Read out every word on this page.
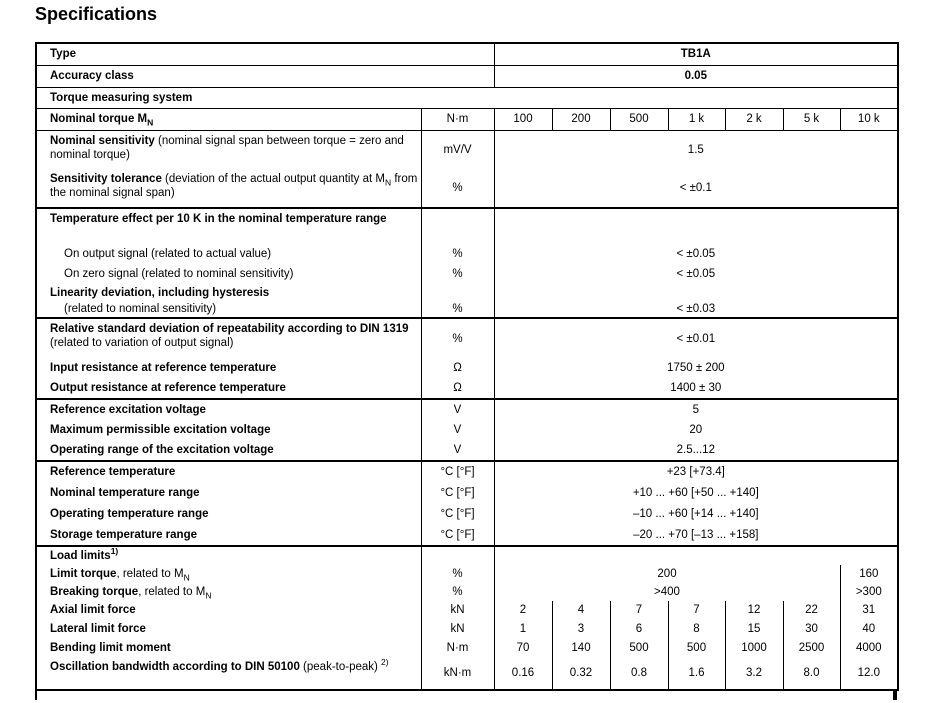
Specifications
Type		TB1A						
Accuracy class		0.05						
Torque measuring system								
Nominal torque $M_N$	N·m	100	200	500	1 k	2 k	5 k	10 k
Nominal sensitivity (nominal signal span between torque = zero and nominal torque)	mV/V	1.5						
Sensitivity tolerance (deviation of the actual output quantity at $M_N$ from the nominal signal span)	%	< ±0.1						
Temperature effect per 10 K in the nominal temperature range								
On output signal (related to actual value)	%	< ±0.05						
On zero signal (related to nominal sensitivity)	%	< ±0.05						
Linearity deviation, including hysteresis								
(related to nominal sensitivity)	%	< ±0.03						
Relative standard deviation of repeatability according to DIN 1319 (related to variation of output signal)	%	< ±0.01						
Input resistance at reference temperature	Ω	1750 ± 200						
Output resistance at reference temperature	Ω	1400 ± 30						
Reference excitation voltage	V	5						
Maximum permissible excitation voltage	V	20						
Operating range of the excitation voltage	V	2.5...12						
Reference temperature	°C [°F]	+23 [+73.4]						
Nominal temperature range	°C [°F]	+10 ... +60 [+50 ... +140]						
Operating temperature range	°C [°F]	–10 ... +60 [+14 ... +140]						
Storage temperature range	°C [°F]	–20 ... +70 [–13 ... +158]						
Load limits$^{1)}$		
Limit torque, related to $M_N$	%	200						160
Breaking torque, related to $M_N$	%	>400						>300
Axial limit force	kN	2	4	7	7	12	22	31
Lateral limit force	kN	1	3	6	8	15	30	40
Bending limit moment	N·m	70	140	500	500	1000	2500	4000
Oscillation bandwidth according to DIN 50100 (peak-to-peak) $^{2)}$	kN·m	0.16	0.32	0.8	1.6	3.2	8.0	12.0
